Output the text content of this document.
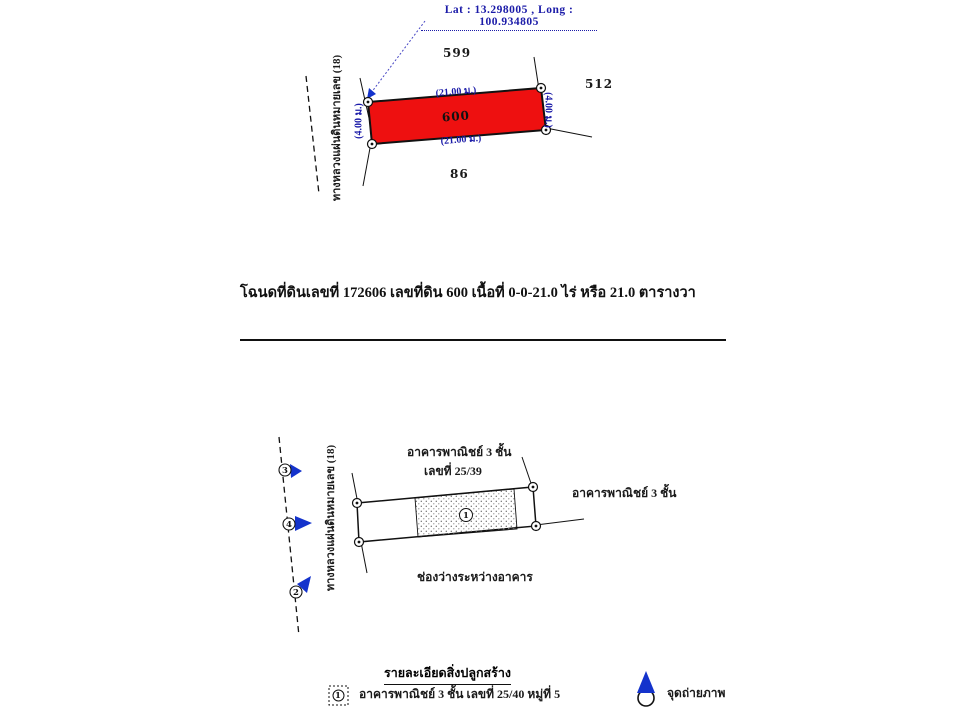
Lat : 13.298005 , Long : 100.934805
599
512
86
600
(21.00 ม.)
(21.00 ม.)
(4.00 ม.)	(4.00 ม.)
ทางหลวงแผ่นดินหมายเลข (18)
โฉนดที่ดินเลขที่ 172606 เลขที่ดิน 600 เนื้อที่ 0-0-21.0 ไร่ หรือ 21.0 ตารางวา
อาคารพาณิชย์ 3 ชั้น
เลขที่ 25/39
อาคารพาณิชย์ 3 ชั้น
ช่องว่างระหว่างอาคาร
ทางหลวงแผ่นดินหมายเลข (18)	1
3
4
2
รายละเอียดสิ่งปลูกสร้าง
1 อาคารพาณิชย์ 3 ชั้น เลขที่ 25/40 หมู่ที่ 5	จุดถ่ายภาพ
